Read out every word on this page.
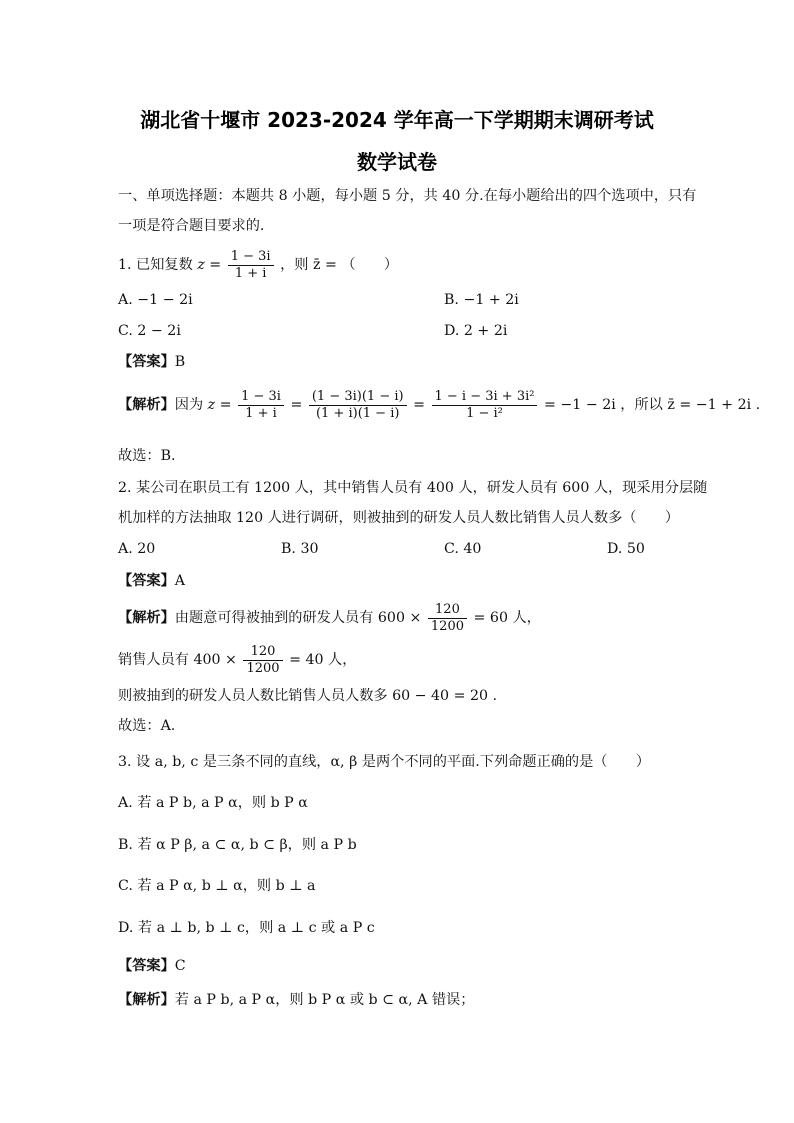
湖北省十堰市 2023-2024 学年高一下学期期末调研考试
数学试卷
一、单项选择题：本题共 8 小题，每小题 5 分，共 40 分.在每小题给出的四个选项中，只有
一项是符合题目要求的.
1. 已知复数 $z = \frac{1 - 3i}{1 + i}$ ，则 z̄ = （　　）
A. −1 − 2i	B. −1 + 2i
C. 2 − 2i	D. 2 + 2i
【答案】B
【解析】因为 $z = \frac{1 - 3i}{1 + i} = \frac{(1 - 3i)(1 - i)}{(1 + i)(1 - i)} = \frac{\text{1 − i − 3i + 3i²}}{\text{1 − i²}} = -1 - 2i$ ，所以 z̄ = −1 + 2i .
故选：B.
2. 某公司在职员工有 1200 人，其中销售人员有 400 人，研发人员有 600 人，现采用分层随
机加样的方法抽取 120 人进行调研，则被抽到的研发人员人数比销售人员人数多（　　）
A. 20	B. 30	C. 40	D. 50
【答案】A
【解析】由题意可得被抽到的研发人员有 $600 \times \frac{120}{1200} = 60$ 人，
销售人员有 $400 \times \frac{120}{1200} = 40$ 人，
则被抽到的研发人员人数比销售人员人数多 60 − 40 = 20 .
故选：A.
3. 设 a, b, c 是三条不同的直线，α, β 是两个不同的平面.下列命题正确的是（　　）
A. 若 a P b, a P α，则 b P α
B. 若 α P β, a ⊂ α, b ⊂ β，则 a P b
C. 若 a P α, b ⊥ α，则 b ⊥ a
D. 若 a ⊥ b, b ⊥ c，则 a ⊥ c 或 a P c
【答案】C
【解析】若 a P b, a P α，则 b P α 或 b ⊂ α, A 错误；
